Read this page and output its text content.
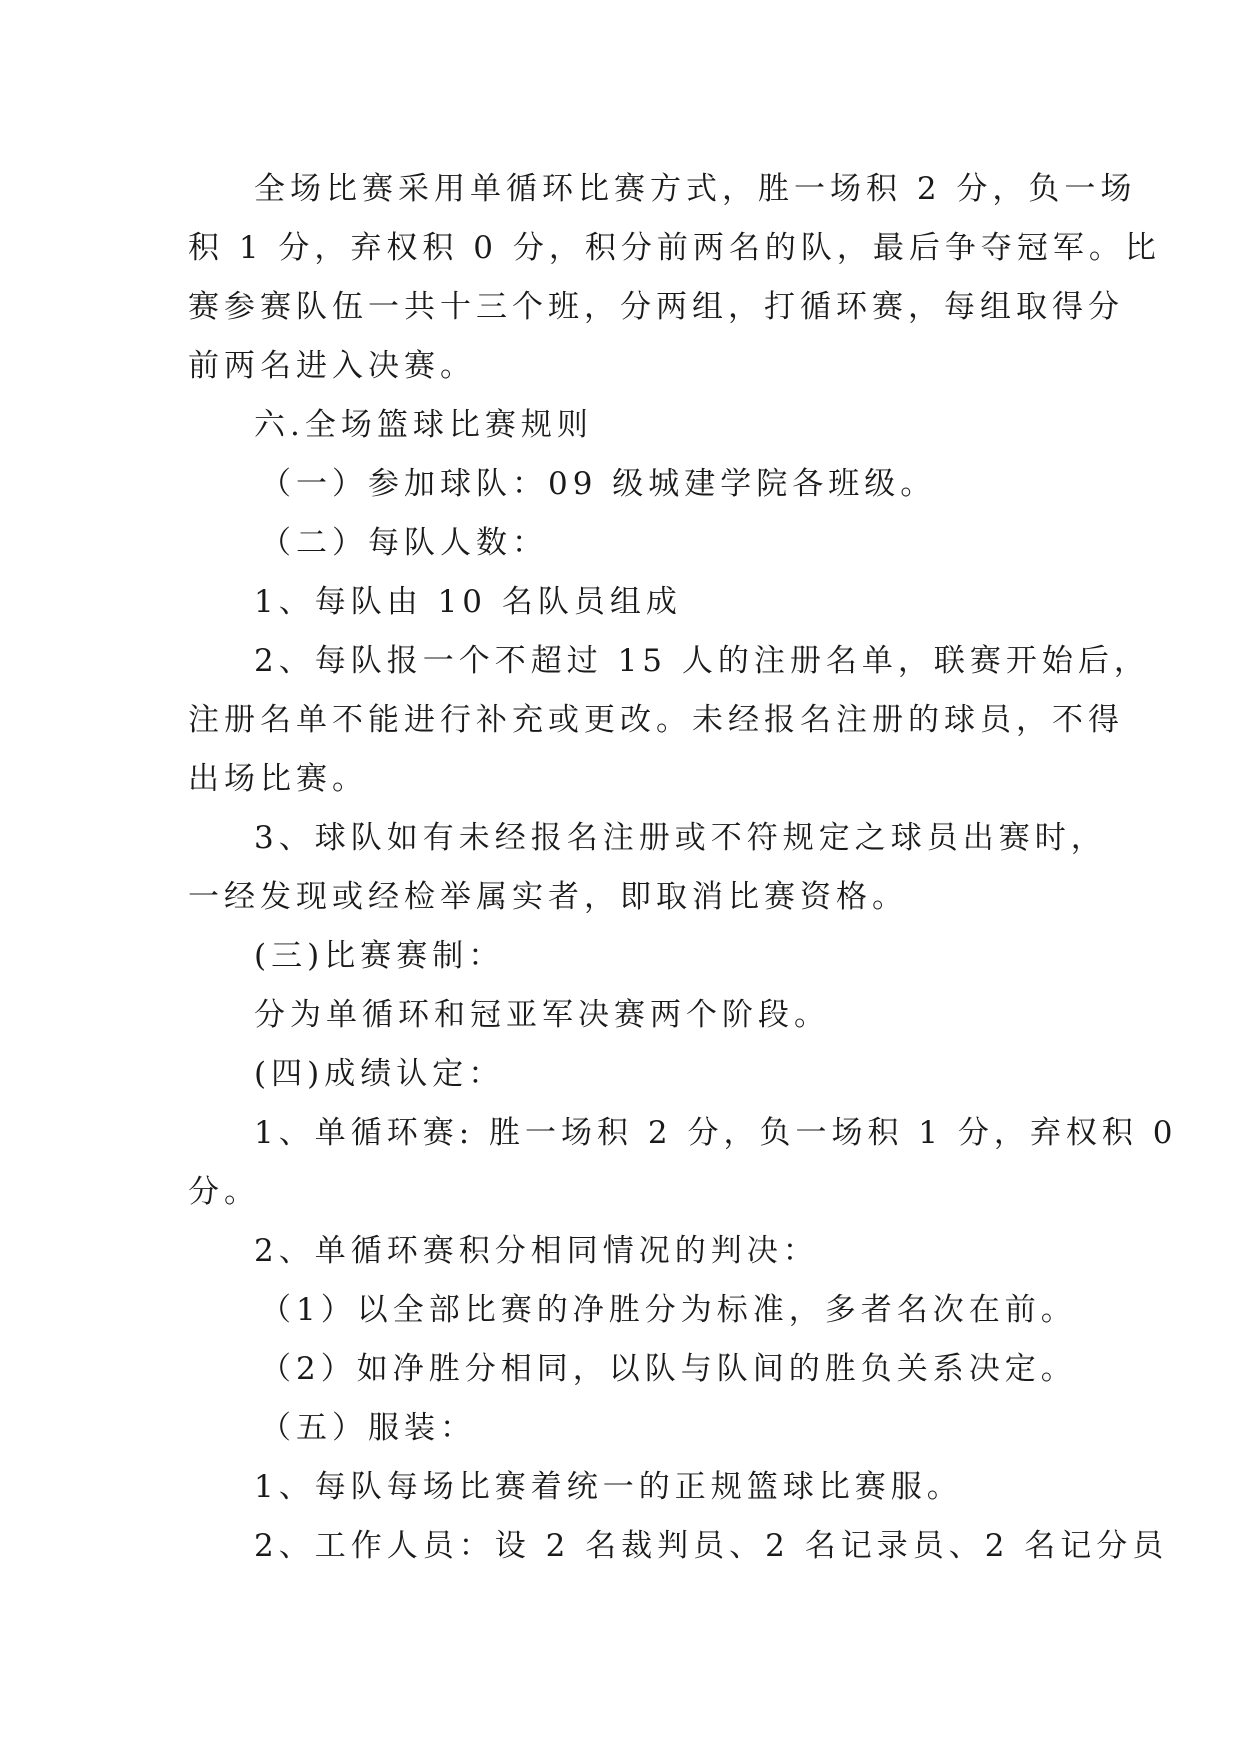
全场比赛采用单循环比赛方式，胜一场积 2 分，负一场

积 1 分，弃权积 0 分，积分前两名的队，最后争夺冠军。比

赛参赛队伍一共十三个班，分两组，打循环赛，每组取得分

前两名进入决赛。

六.全场篮球比赛规则

（一）参加球队：09 级城建学院各班级。

（二）每队人数：

1、每队由 10 名队员组成

2、每队报一个不超过 15 人的注册名单，联赛开始后，

注册名单不能进行补充或更改。未经报名注册的球员，不得

出场比赛。

3、球队如有未经报名注册或不符规定之球员出赛时，

一经发现或经检举属实者，即取消比赛资格。

(三)比赛赛制：

分为单循环和冠亚军决赛两个阶段。

(四)成绩认定：

1、单循环赛: 胜一场积 2 分，负一场积 1 分，弃权积 0

分。

2、单循环赛积分相同情况的判决：

（1）以全部比赛的净胜分为标准，多者名次在前。

（2）如净胜分相同，以队与队间的胜负关系决定。

（五）服装：

1、每队每场比赛着统一的正规篮球比赛服。

2、工作人员：设 2 名裁判员、2 名记录员、2 名记分员
